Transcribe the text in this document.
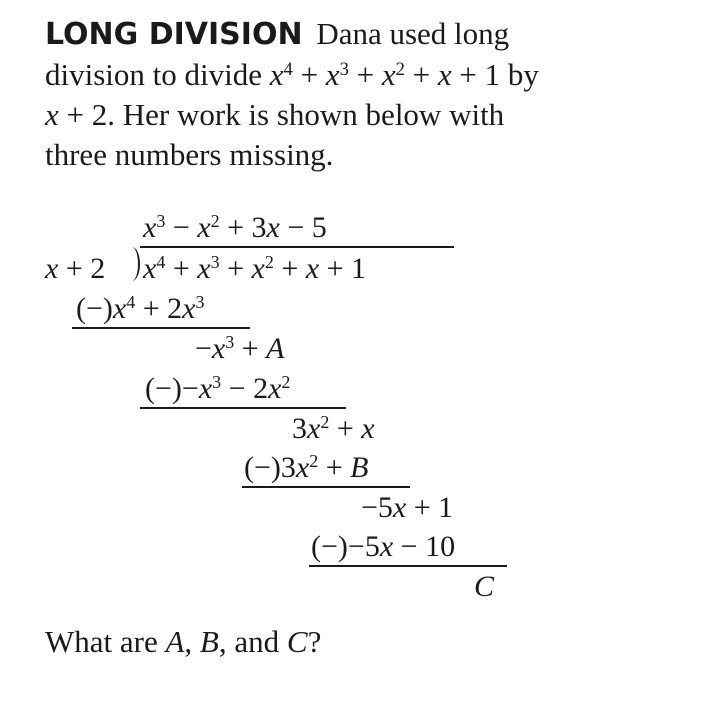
LONG DIVISION Dana used long
division to divide $x^4 + x^3 + x^2 + x + 1$ by
x + 2. Her work is shown below with
three numbers missing.
$x^3 - x^2 + 3x - 5$
x + 2 $x^4 + x^3 + x^2 + x + 1$
$(-)x^4 + 2x^3$
$-x^3 + A$
$(-)-x^3 - 2x^2$
$3x^2 + x$
$(-)3x^2 + B$
−5x + 1
(−)−5x − 10
C
What are A, B, and C?
